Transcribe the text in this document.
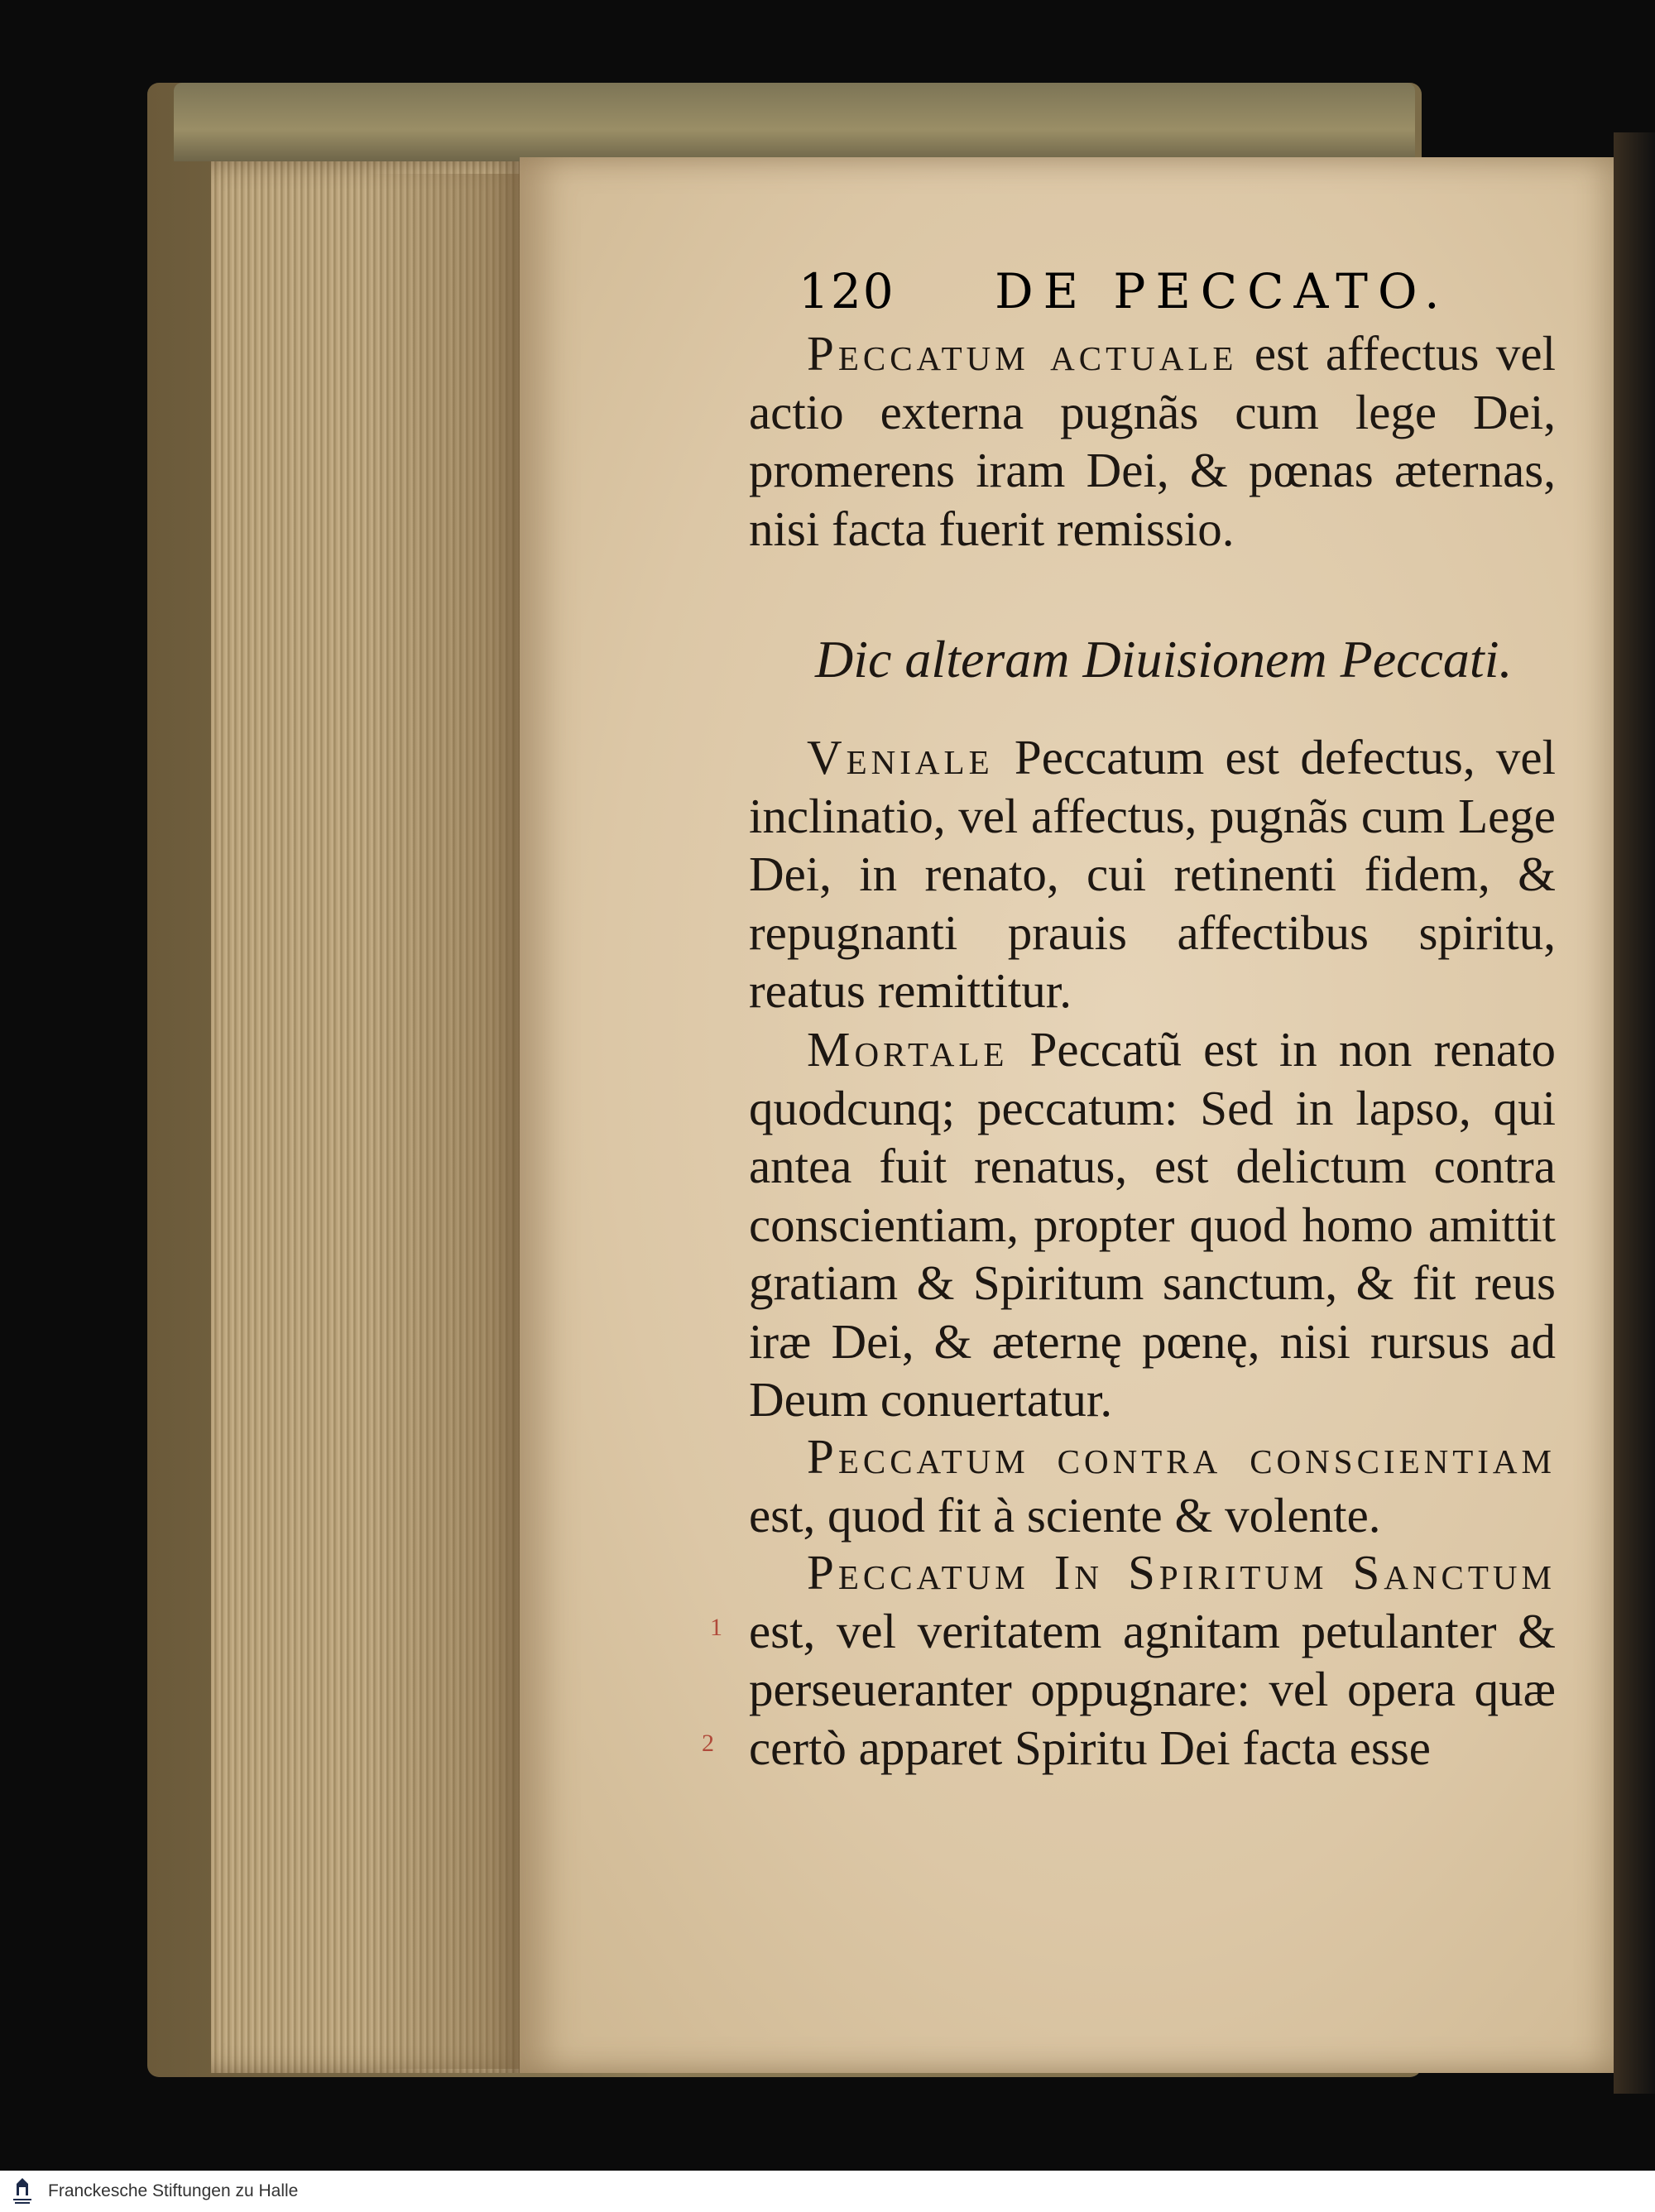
120 DE PECCATO.
Peccatum actuale est affectus vel actio externa pugnãs cum lege Dei, promerens iram Dei, & pœnas æternas, nisi facta fuerit remissio.
Dic alteram Diuisionem Peccati.
Veniale Peccatum est defectus, vel inclinatio, vel affectus, pugnãs cum Lege Dei, in renato, cui retinenti fidem, & repugnanti prauis affectibus spiritu, reatus remittitur.
Mortale Peccatũ est in non renato quodcunq; peccatum: Sed in lapso, qui antea fuit renatus, est delictum contra conscientiam, propter quod homo amittit gratiam & Spiritum sanctum, & fit reus iræ Dei, & æternę pœnę, nisi rursus ad Deum conuertatur.
Peccatum contra conscientiam est, quod fit à sciente & volente.
Peccatum In Spiritum Sanctum est, vel veritatem agnitam petulanter & perseueranter oppugnare: vel opera quæ certò apparet Spiritu Dei facta esse
1
2
Franckesche Stiftungen zu Halle
